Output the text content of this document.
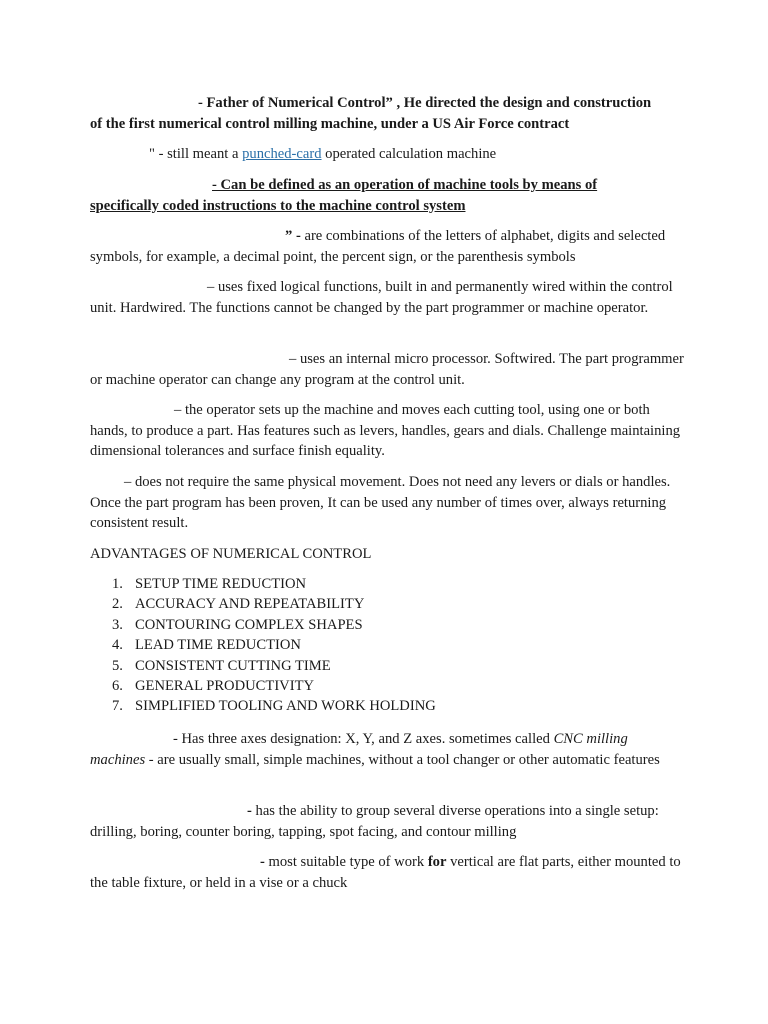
- Father of Numerical Control” , He directed the design and construction
of the first numerical control milling machine, under a US Air Force contract

" - still meant a punched-card operated calculation machine

- Can be defined as an operation of machine tools by means of
specifically coded instructions to the machine control system

” - are combinations of the letters of alphabet, digits and selected symbols, for example, a decimal point, the percent sign, or the parenthesis symbols

– uses fixed logical functions, built in and permanently wired within the control unit. Hardwired. The functions cannot be changed by the part programmer or machine operator.

– uses an internal micro processor. Softwired. The part programmer or machine operator can change any program at the control unit.

– the operator sets up the machine and moves each cutting tool, using one or both hands, to produce a part. Has features such as levers, handles, gears and dials. Challenge maintaining dimensional tolerances and surface finish equality.

– does not require the same physical movement. Does not need any levers or dials or handles. Once the part program has been proven, It can be used any number of times over, always returning consistent result.

ADVANTAGES OF NUMERICAL CONTROL

1. SETUP TIME REDUCTION
2. ACCURACY AND REPEATABILITY
3. CONTOURING COMPLEX SHAPES
4. LEAD TIME REDUCTION
5. CONSISTENT CUTTING TIME
6. GENERAL PRODUCTIVITY
7. SIMPLIFIED TOOLING AND WORK HOLDING

- Has three axes designation: X, Y, and Z axes. sometimes called CNC milling machines - are usually small, simple machines, without a tool changer or other automatic features

- has the ability to group several diverse operations into a single setup: drilling, boring, counter boring, tapping, spot facing, and contour milling

- most suitable type of work for vertical are flat parts, either mounted to the table fixture, or held in a vise or a chuck
